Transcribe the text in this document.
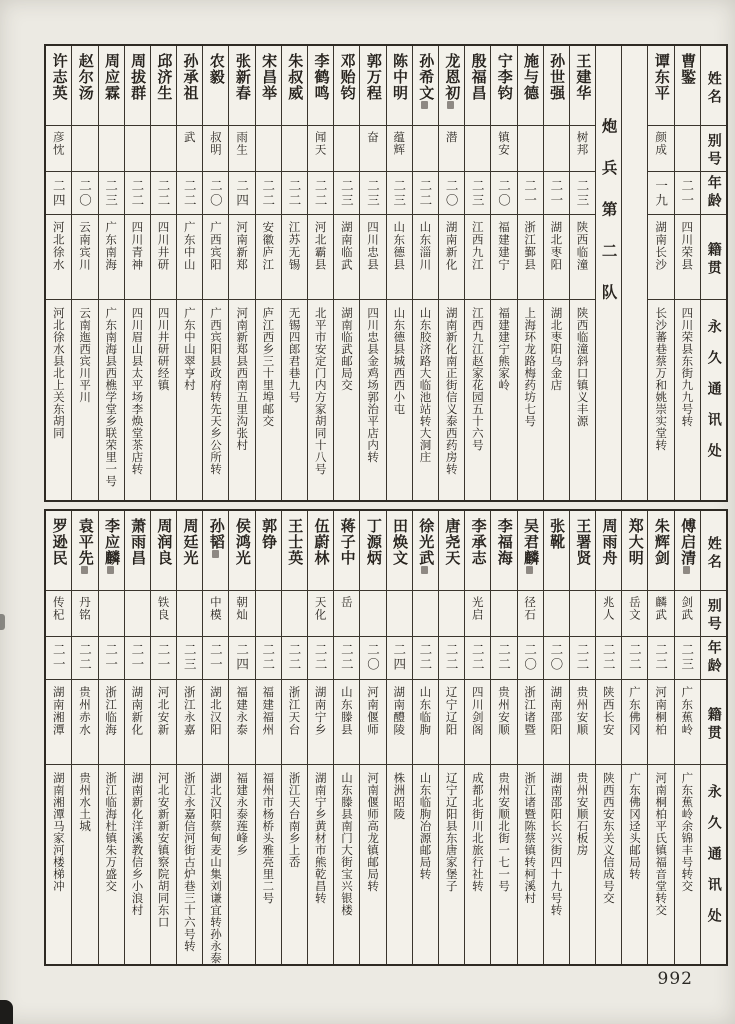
姓名
别号
年龄
籍贯
永久通讯处
曹鍳
二一
四川荣县
四川荣县东街九九号转
谭东平
颜成
一九
湖南长沙
长沙蕃巷蔡万和姚崇实堂转
炮兵第二队
王建华
树邦
二三
陕西临潼
陕西临潼斜口镇义丰源
孙世强
二一
湖北枣阳
湖北枣阳乌金店
施与德
二一
浙江鄞县
上海环龙路梅药坊七号
宁李钧
镇安
二〇
福建建宁
福建建宁熊家岭
殷福昌
二三
江西九江
江西九江赵家花园五十六号
龙恩初
潜
二〇
湖南新化
湖南新化南正街信义泰西药房转
孙希文
二二
山东淄川
山东胶济路大临池站转大洞庄
陈中明
蕴辉
二三
山东德县
山东德县城西西小屯
郭万程
奋
二三
四川忠县
四川忠县金鸡场郭治平店内转
邓贻钧
二三
湖南临武
湖南临武邮局交
李鹤鸣
闻天
二二
河北霸县
北平市安定门内方家胡同十八号
朱叔威
二二
江苏无锡
无锡四郎君巷九号
宋昌举
二二
安徽庐江
庐江西乡三十里埠邮交
张新春
雨生
二四
河南新郑
河南新郑县西南五里沟张村
农毅
叔明
二〇
广西宾阳
广西宾阳县政府转先天乡公所转
孙承祖
武
二二
广东中山
广东中山翠亨村
邱济生
二二
四川井研
四川井研研经镇
周拔群
二二
四川青神
四川眉山县太平场李焕堂茶店转
周应霖
二三
广东南海
广东南海县西樵学堂乡联荣里一号
赵尔汤
二〇
云南宾川
云南迤西宾川平川
许志英
彦忱
二四
河北徐水
河北徐水县北上关东胡同
姓名
别号
年龄
籍贯
永久通讯处
傅启清
剑武
二三
广东蕉岭
广东蕉岭余锦丰号转交
朱辉剑
麟武
二二
河南桐柏
河南桐柏平氏镇福音堂转交
郑大明
岳文
二二
广东佛冈
广东佛冈迳头邮局转
周雨舟
兆人
二二
陕西长安
陕西西安东关义信成号交
王署贤
二二
贵州安顺
贵州安顺石板房
张靴
二〇
湖南邵阳
湖南邵阳长兴街四十九号转
吴君麟
径石
二〇
浙江诸暨
浙江诸暨陈蔡镇转柯溪村
李福海
二二
贵州安顺
贵州安顺北街一七一号
李承志
光启
二二
四川剑阁
成都北街川北旅行社转
唐尧天
二二
辽宁辽阳
辽宁辽阳县东唐家堡子
徐光武
二二
山东临朐
山东临朐冶源邮局转
田焕文
二四
湖南醴陵
株洲昭陵
丁源炳
二〇
河南偃师
河南偃师高龙镇邮局转
蒋子中
岳
二二
山东滕县
山东滕县南门大街宝兴银楼
伍蔚林
天化
二二
湖南宁乡
湖南宁乡黄材市熊乾昌转
王士英
二二
浙江天台
浙江天台南乡上岙
郭铮
二二
福建福州
福州市杨桥头雅亮里二号
侯鸿光
朝灿
二四
福建永泰
福建永泰莲峰乡
孙韬
中模
二一
湖北汉阳
湖北汉阳蔡甸麦山集刘谦宜转孙永泰
周廷光
二三
浙江永嘉
浙江永嘉信河街古炉巷三十六号转
周润良
铁良
二一
河北安新
河北安新新安镇察院胡同东口
萧雨昌
二一
湖南新化
湖南新化洋溪教信乡小浪村
李应麟
二一
浙江临海
浙江临海杜镇朱万盛交
袁平先
丹铭
二二
贵州赤水
贵州水土城
罗逊民
传杞
二一
湖南湘潭
湖南湘潭马家河楼梯冲
992
